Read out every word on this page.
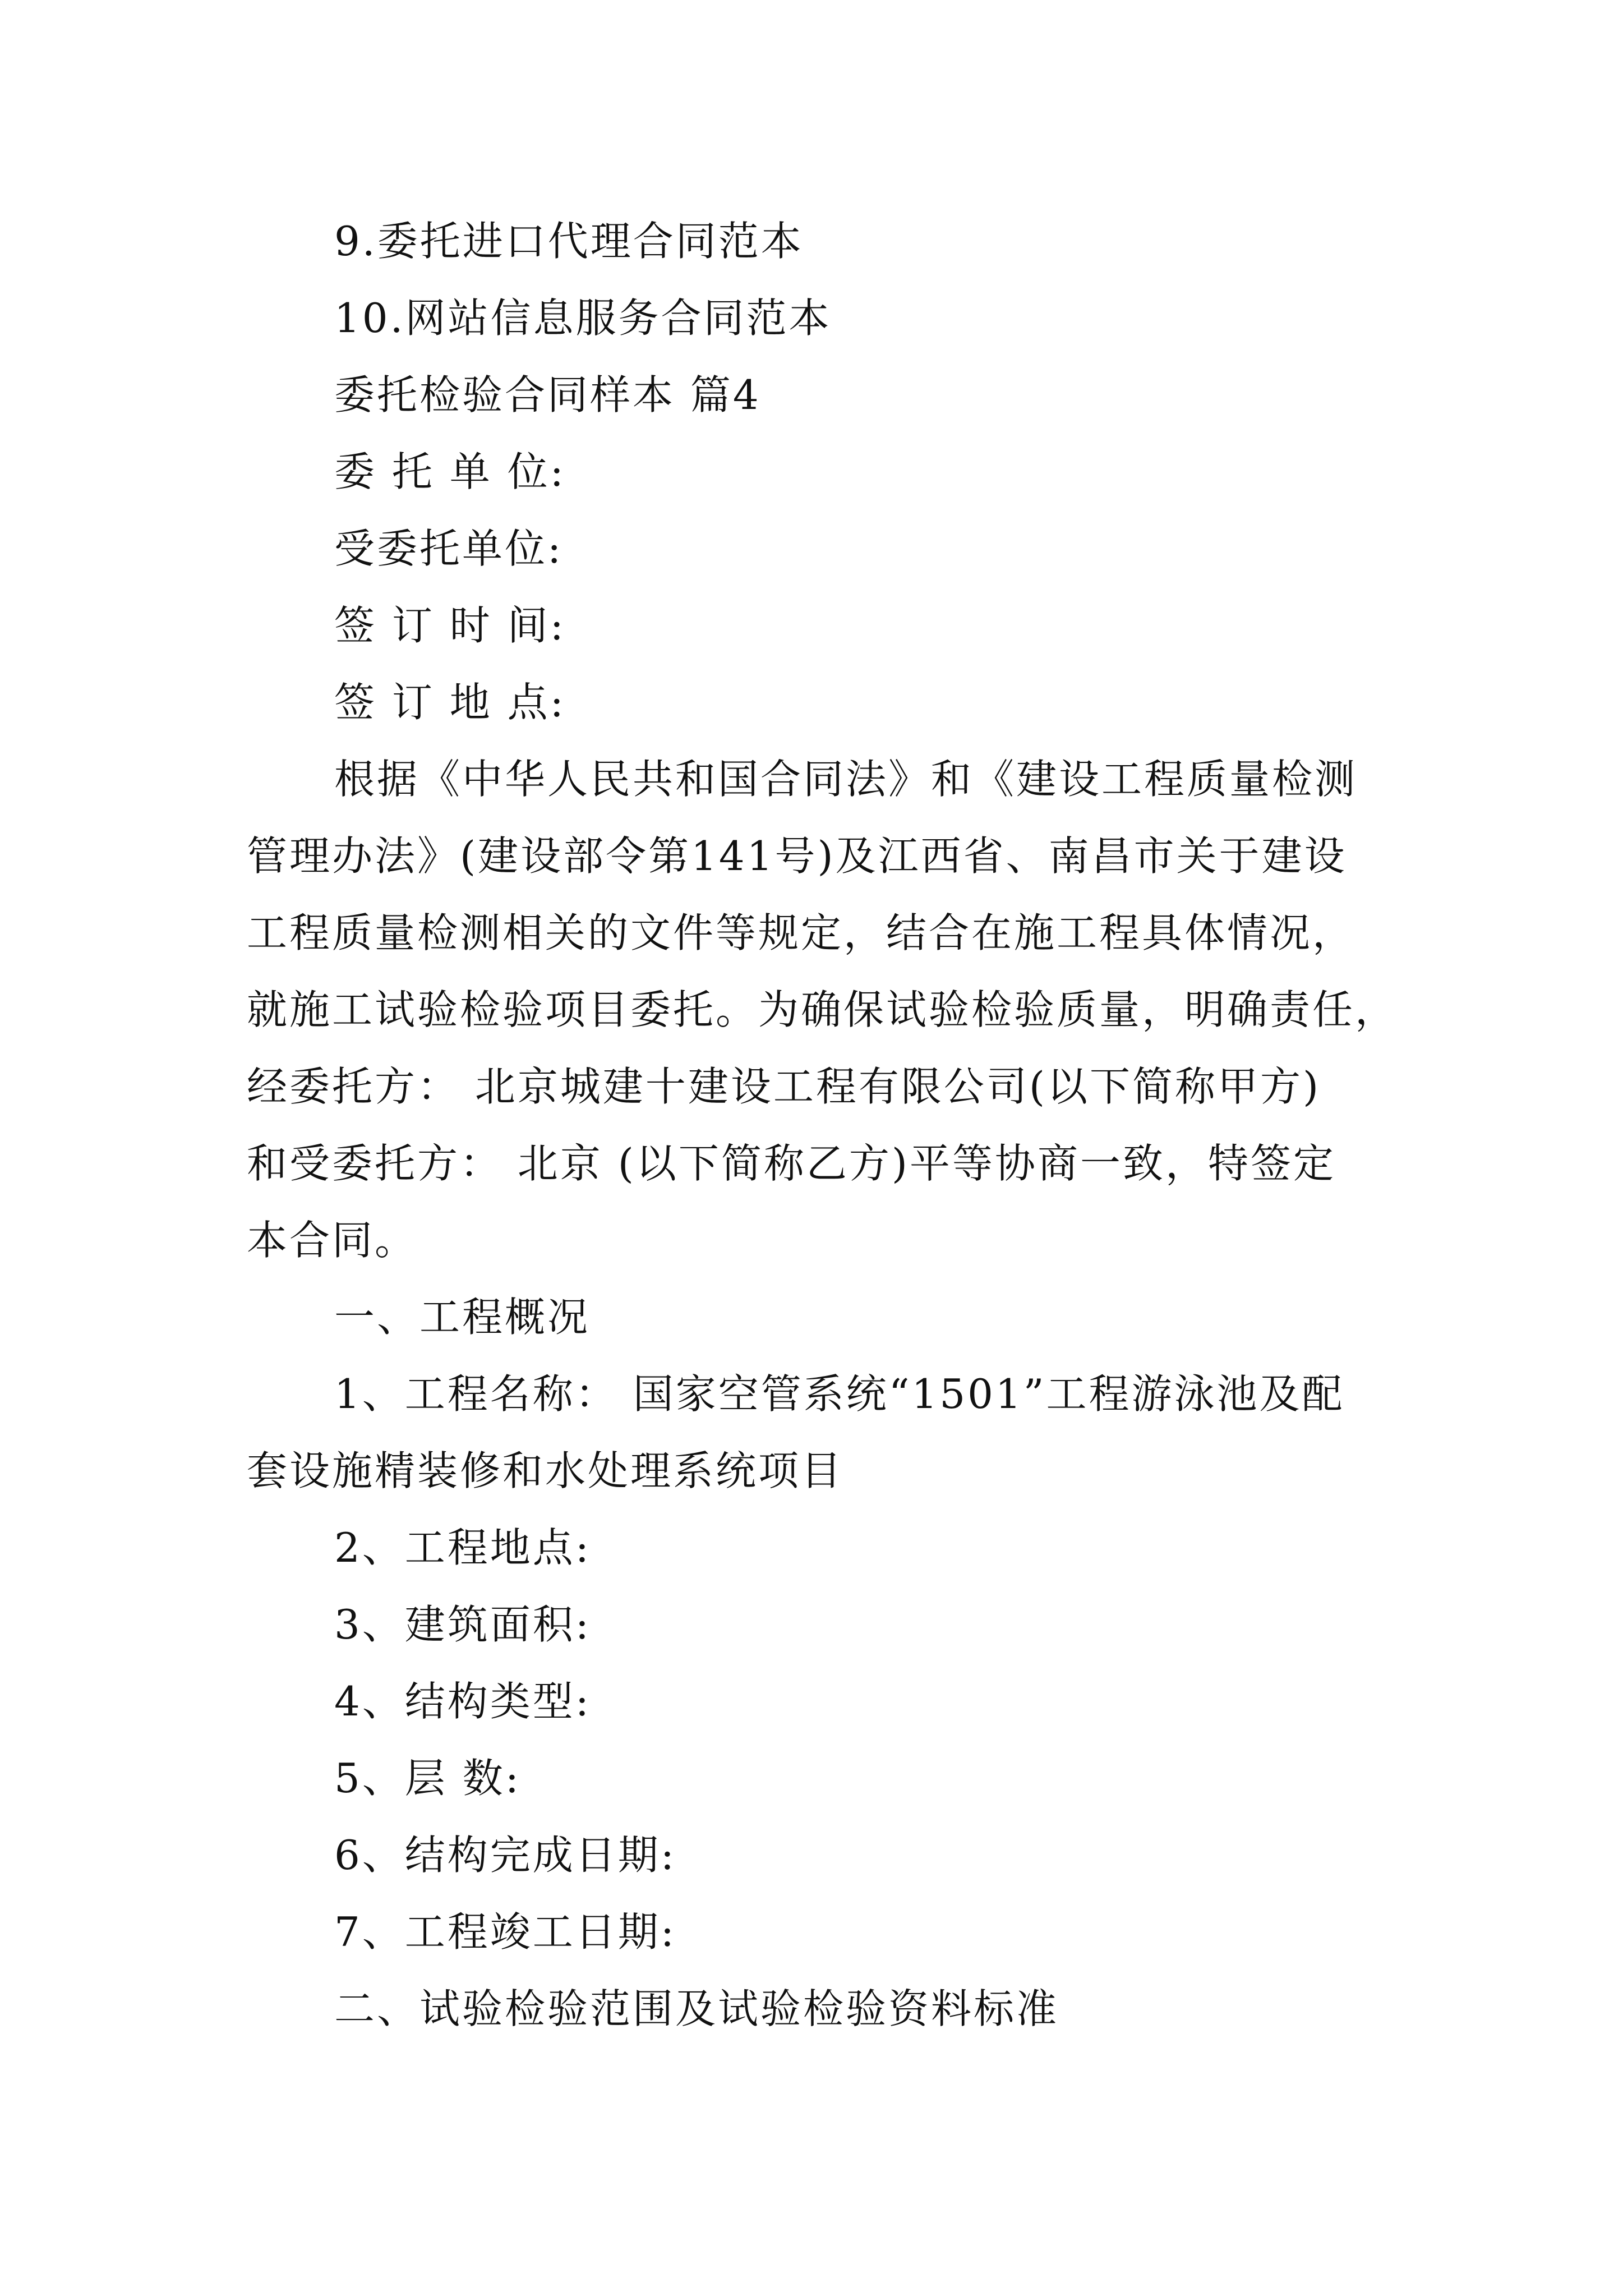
9.委托进口代理合同范本
10.网站信息服务合同范本
委托检验合同样本 篇4
委 托 单 位:
受委托单位:
签 订 时 间:
签 订 地 点:
根据《中华人民共和国合同法》和《建设工程质量检测
管理办法》(建设部令第141号)及江西省、南昌市关于建设
工程质量检测相关的文件等规定，结合在施工程具体情况，
就施工试验检验项目委托。为确保试验检验质量，明确责任，
经委托方： 北京城建十建设工程有限公司(以下简称甲方)
和受委托方： 北京 (以下简称乙方)平等协商一致，特签定
本合同。
一、工程概况
1、工程名称： 国家空管系统“1501”工程游泳池及配
套设施精装修和水处理系统项目
2、工程地点:
3、建筑面积:
4、结构类型:
5、层 数:
6、结构完成日期:
7、工程竣工日期:
二、试验检验范围及试验检验资料标准
